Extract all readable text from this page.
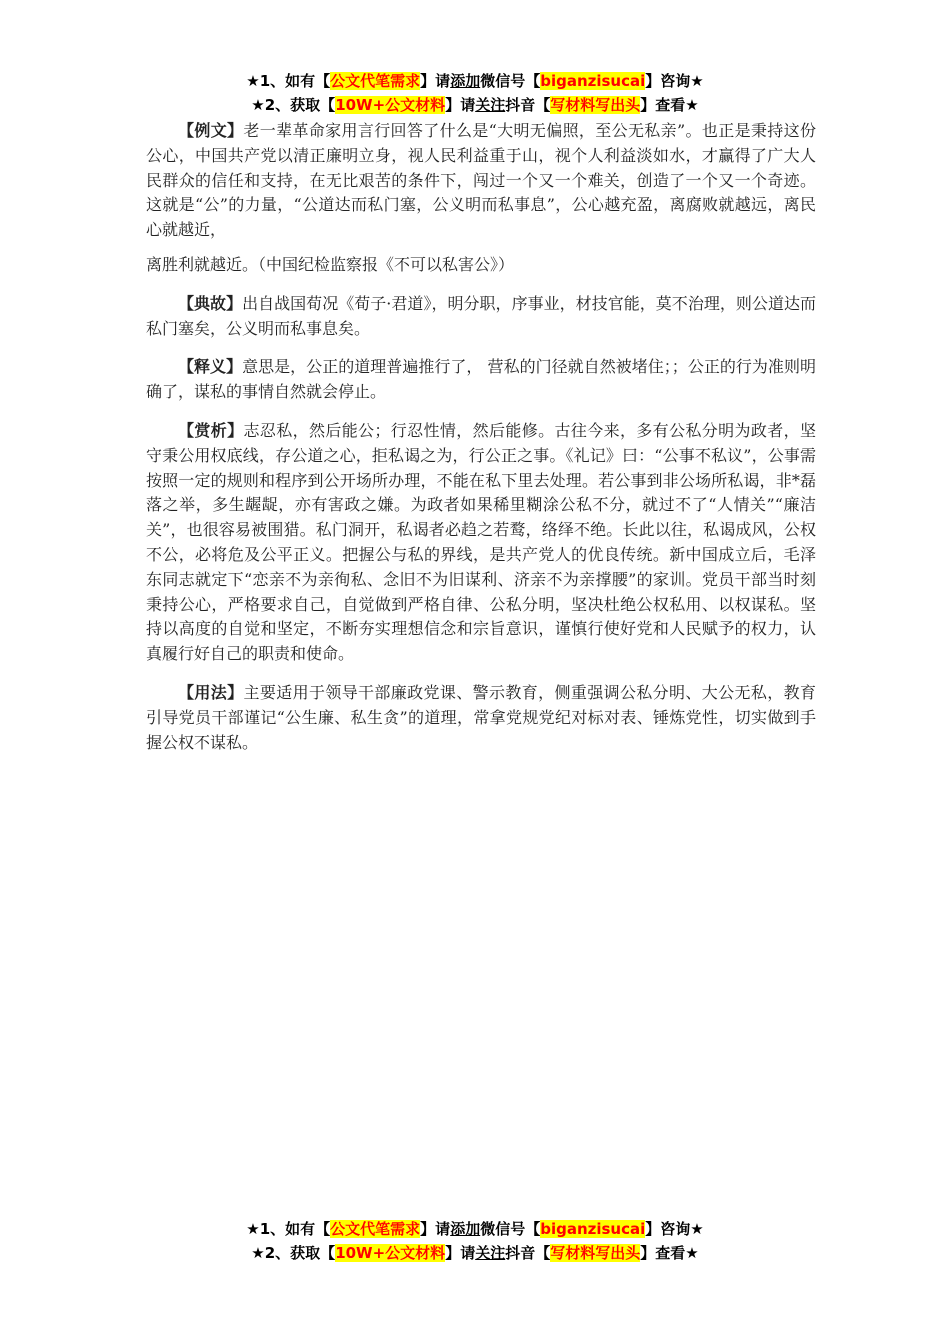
★1、如有【公文代笔需求】请添加微信号【biganzisucai】咨询★
★2、获取【10W+公文材料】请关注抖音【写材料写出头】查看★

【例文】老一辈革命家用言行回答了什么是“大明无偏照，至公无私亲”。也正是秉持这份公心，中国共产党以清正廉明立身，视人民利益重于山，视个人利益淡如水，才赢得了广大人民群众的信任和支持，在无比艰苦的条件下，闯过一个又一个难关，创造了一个又一个奇迹。这就是“公”的力量，“公道达而私门塞，公义明而私事息”，公心越充盈，离腐败就越远，离民心就越近，
离胜利就越近。（中国纪检监察报《不可以私害公》）

【典故】出自战国荀况《荀子·君道》，明分职，序事业，材技官能，莫不治理，则公道达而私门塞矣，公义明而私事息矣。

【释义】意思是，公正的道理普遍推行了， 营私的门径就自然被堵住；；公正的行为准则明确了，谋私的事情自然就会停止。

【赏析】志忍私，然后能公；行忍性情，然后能修。古往今来，多有公私分明为政者，坚守秉公用权底线，存公道之心，拒私谒之为，行公正之事。《礼记》曰：“公事不私议”，公事需按照一定的规则和程序到公开场所办理，不能在私下里去处理。若公事到非公场所私谒，非*磊落之举，多生龌龊，亦有害政之嫌。为政者如果稀里糊涂公私不分，就过不了“人情关”“廉洁关”，也很容易被围猎。私门洞开，私谒者必趋之若鹜，络绎不绝。长此以往，私谒成风，公权不公，必将危及公平正义。把握公与私的界线，是共产党人的优良传统。新中国成立后，毛泽东同志就定下“恋亲不为亲徇私、念旧不为旧谋利、济亲不为亲撑腰”的家训。党员干部当时刻秉持公心，严格要求自己，自觉做到严格自律、公私分明，坚决杜绝公权私用、以权谋私。坚持以高度的自觉和坚定，不断夯实理想信念和宗旨意识，谨慎行使好党和人民赋予的权力，认真履行好自己的职责和使命。

【用法】主要适用于领导干部廉政党课、警示教育，侧重强调公私分明、大公无私，教育引导党员干部谨记“公生廉、私生贪”的道理，常拿党规党纪对标对表、锤炼党性，切实做到手握公权不谋私。

★1、如有【公文代笔需求】请添加微信号【biganzisucai】咨询★
★2、获取【10W+公文材料】请关注抖音【写材料写出头】查看★
